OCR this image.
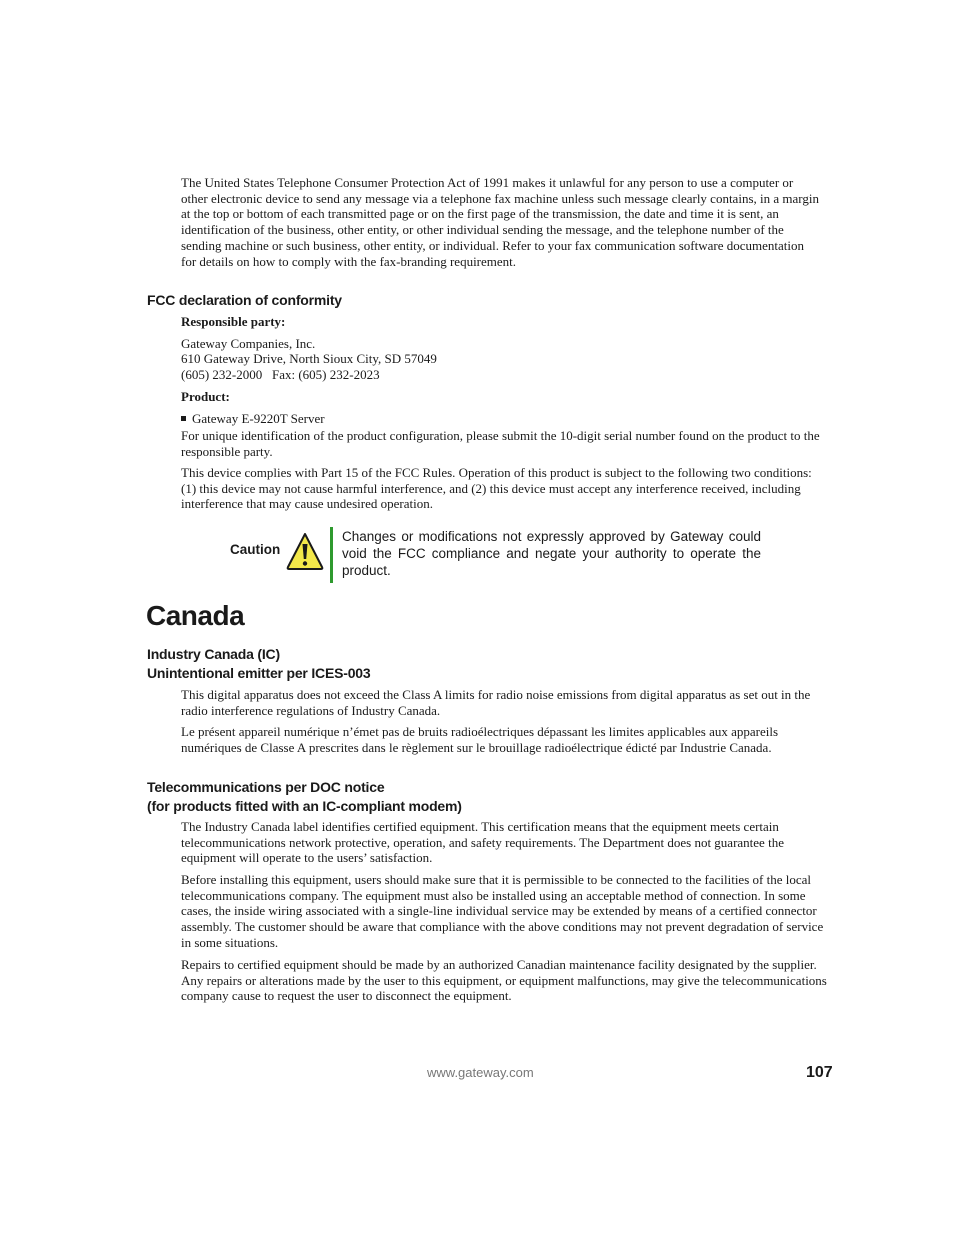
The United States Telephone Consumer Protection Act of 1991 makes it unlawful for any person to use a computer or other electronic device to send any message via a telephone fax machine unless such message clearly contains, in a margin at the top or bottom of each transmitted page or on the first page of the transmission, the date and time it is sent, an identification of the business, other entity, or other individual sending the message, and the telephone number of the sending machine or such business, other entity, or individual. Refer to your fax communication software documentation for details on how to comply with the fax-branding requirement.

FCC declaration of conformity
Responsible party:
Gateway Companies, Inc.
610 Gateway Drive, North Sioux City, SD 57049
(605) 232-2000   Fax: (605) 232-2023
Product:
Gateway E-9220T Server

For unique identification of the product configuration, please submit the 10-digit serial number found on the product to the responsible party.

This device complies with Part 15 of the FCC Rules. Operation of this product is subject to the following two conditions: (1) this device may not cause harmful interference, and (2) this device must accept any interference received, including interference that may cause undesired operation.

Caution

Changes or modifications not expressly approved by Gateway could void the FCC compliance and negate your authority to operate the product.

Canada
Industry Canada (IC)
Unintentional emitter per ICES-003

This digital apparatus does not exceed the Class A limits for radio noise emissions from digital apparatus as set out in the radio interference regulations of Industry Canada.

Le présent appareil numérique n’émet pas de bruits radioélectriques dépassant les limites applicables aux appareils numériques de Classe A prescrites dans le règlement sur le brouillage radioélectrique édicté par Industrie Canada.

Telecommunications per DOC notice
(for products fitted with an IC-compliant modem)

The Industry Canada label identifies certified equipment. This certification means that the equipment meets certain telecommunications network protective, operation, and safety requirements. The Department does not guarantee the equipment will operate to the users’ satisfaction.

Before installing this equipment, users should make sure that it is permissible to be connected to the facilities of the local telecommunications company. The equipment must also be installed using an acceptable method of connection. In some cases, the inside wiring associated with a single-line individual service may be extended by means of a certified connector assembly. The customer should be aware that compliance with the above conditions may not prevent degradation of service in some situations.

Repairs to certified equipment should be made by an authorized Canadian maintenance facility designated by the supplier. Any repairs or alterations made by the user to this equipment, or equipment malfunctions, may give the telecommunications company cause to request the user to disconnect the equipment.

www.gateway.com	107
